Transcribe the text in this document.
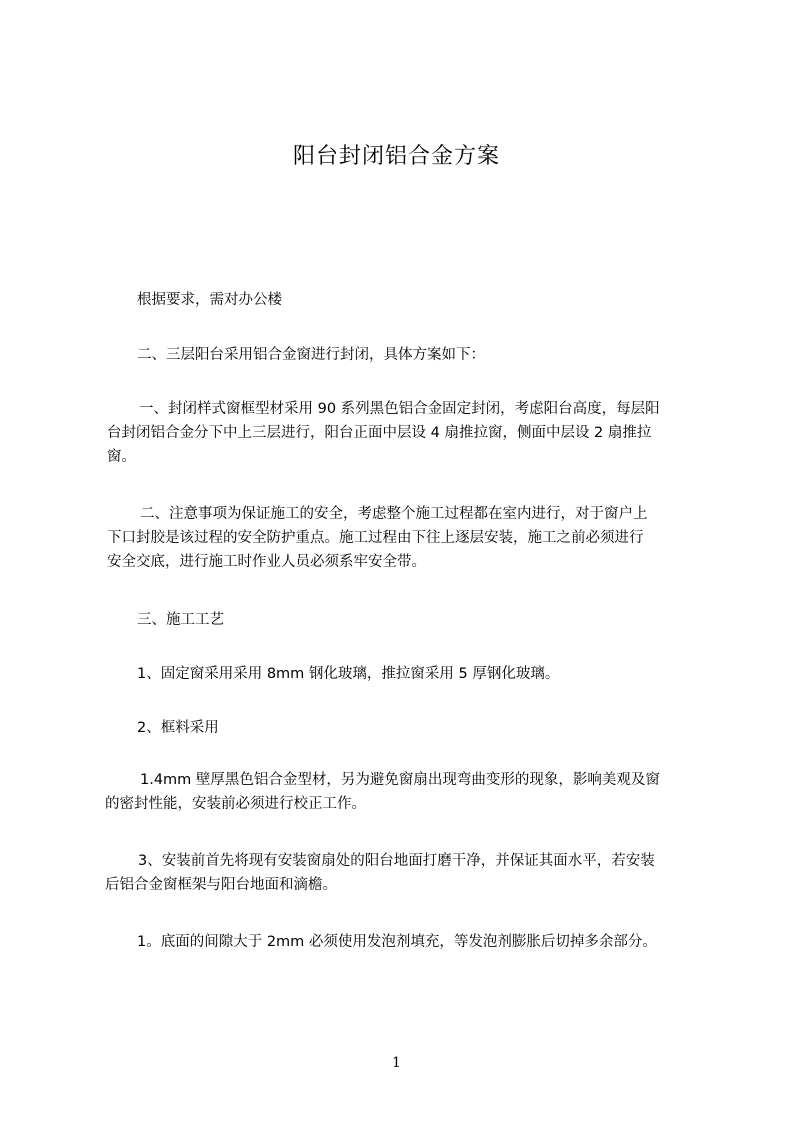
阳台封闭铝合金方案
根据要求，需对办公楼
二、三层阳台采用铝合金窗进行封闭，具体方案如下：
一、封闭样式窗框型材采用 90 系列黑色铝合金固定封闭，考虑阳台高度，每层阳
台封闭铝合金分下中上三层进行，阳台正面中层设 4 扇推拉窗，侧面中层设 2 扇推拉
窗。
二、注意事项为保证施工的安全，考虑整个施工过程都在室内进行，对于窗户上
下口封胶是该过程的安全防护重点。施工过程由下往上逐层安装，施工之前必须进行
安全交底，进行施工时作业人员必须系牢安全带。
三、施工工艺
1、固定窗采用采用 8mm 钢化玻璃，推拉窗采用 5 厚钢化玻璃。
2、框料采用
1.4mm 壁厚黑色铝合金型材，另为避免窗扇出现弯曲变形的现象，影响美观及窗
的密封性能，安装前必须进行校正工作。
3、安装前首先将现有安装窗扇处的阳台地面打磨干净，并保证其面水平，若安装
后铝合金窗框架与阳台地面和滴檐。
1。底面的间隙大于 2mm 必须使用发泡剂填充，等发泡剂膨胀后切掉多余部分。
1
